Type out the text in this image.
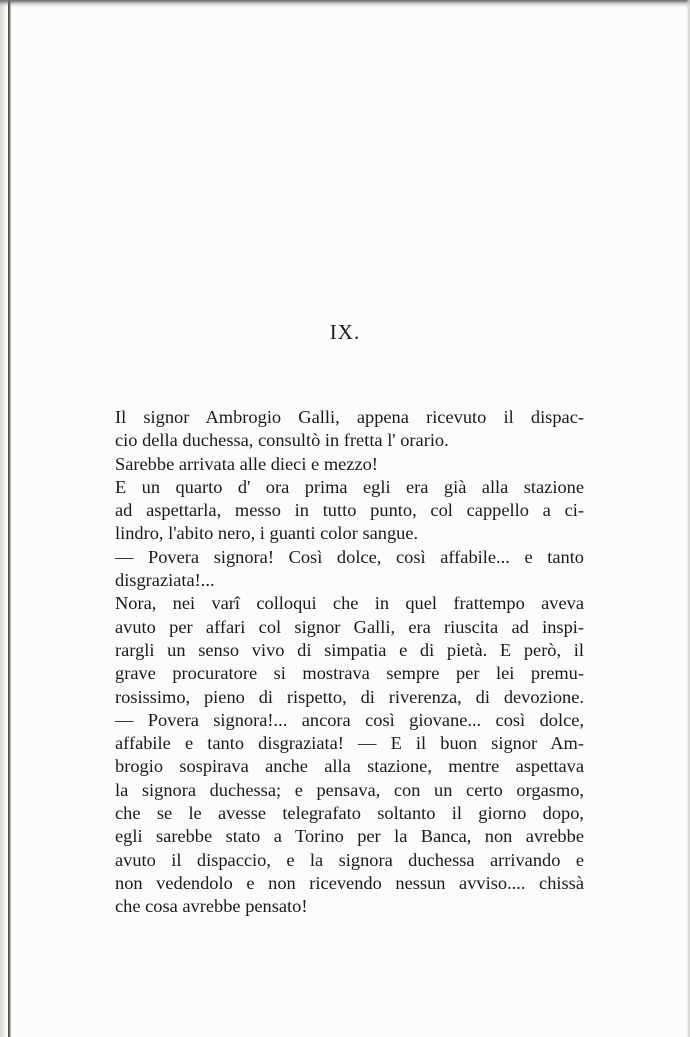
IX.
Il signor Ambrogio Galli, appena ricevuto il dispac-
cio della duchessa, consultò in fretta l' orario.
Sarebbe arrivata alle dieci e mezzo!
E un quarto d' ora prima egli era già alla stazione
ad aspettarla, messo in tutto punto, col cappello a ci-
lindro, l'abito nero, i guanti color sangue.
— Povera signora! Così dolce, così affabile... e tanto
disgraziata!...
Nora, nei varî colloqui che in quel frattempo aveva
avuto per affari col signor Galli, era riuscita ad inspi-
rargli un senso vivo di simpatia e di pietà. E però, il
grave procuratore si mostrava sempre per lei premu-
rosissimo, pieno di rispetto, di riverenza, di devozione.
— Povera signora!... ancora così giovane... così dolce,
affabile e tanto disgraziata! — E il buon signor Am-
brogio sospirava anche alla stazione, mentre aspettava
la signora duchessa; e pensava, con un certo orgasmo,
che se le avesse telegrafato soltanto il giorno dopo,
egli sarebbe stato a Torino per la Banca, non avrebbe
avuto il dispaccio, e la signora duchessa arrivando e
non vedendolo e non ricevendo nessun avviso.... chissà
che cosa avrebbe pensato!
